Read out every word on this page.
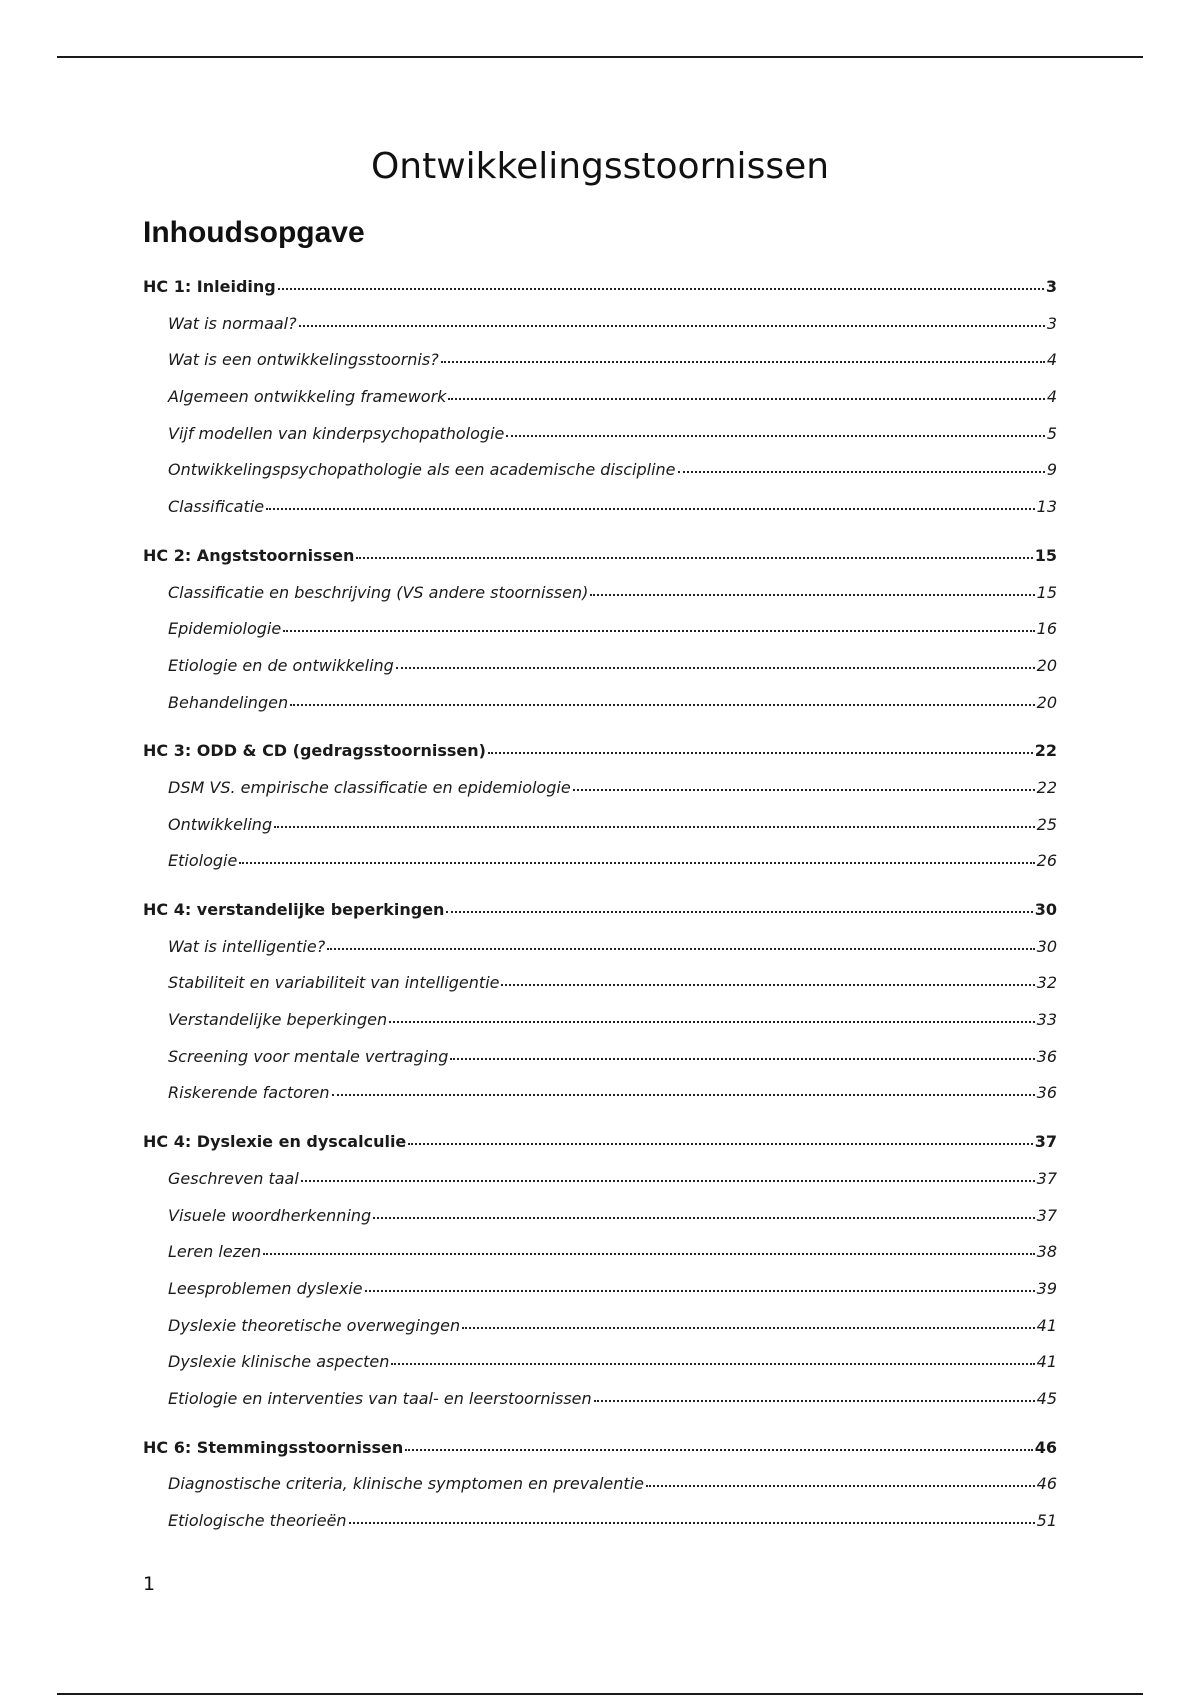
Ontwikkelingsstoornissen
Inhoudsopgave
HC 1: Inleiding	3
Wat is normaal?	3
Wat is een ontwikkelingsstoornis?	4
Algemeen ontwikkeling framework	4
Vijf modellen van kinderpsychopathologie	5
Ontwikkelingspsychopathologie als een academische discipline	9
Classificatie	13
HC 2: Angststoornissen	15
Classificatie en beschrijving (VS andere stoornissen)	15
Epidemiologie	16
Etiologie en de ontwikkeling	20
Behandelingen	20
HC 3: ODD & CD (gedragsstoornissen)	22
DSM VS. empirische classificatie en epidemiologie	22
Ontwikkeling	25
Etiologie	26
HC 4: verstandelijke beperkingen	30
Wat is intelligentie?	30
Stabiliteit en variabiliteit van intelligentie	32
Verstandelijke beperkingen	33
Screening voor mentale vertraging	36
Riskerende factoren	36
HC 4: Dyslexie en dyscalculie	37
Geschreven taal	37
Visuele woordherkenning	37
Leren lezen	38
Leesproblemen dyslexie	39
Dyslexie theoretische overwegingen	41
Dyslexie klinische aspecten	41
Etiologie en interventies van taal- en leerstoornissen	45
HC 6: Stemmingsstoornissen	46
Diagnostische criteria, klinische symptomen en prevalentie	46
Etiologische theorieën	51
1
